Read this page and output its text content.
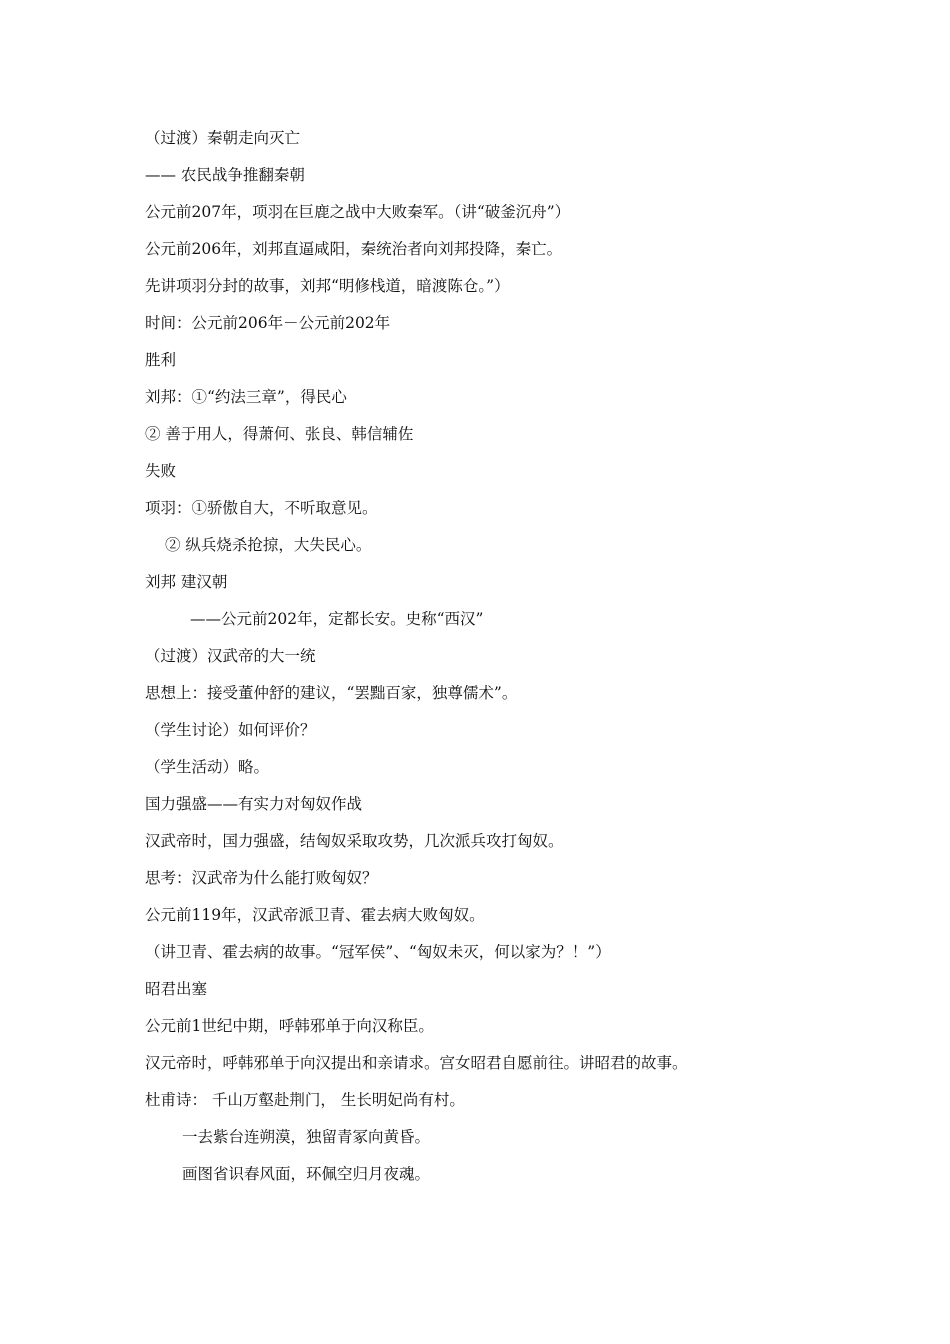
（过渡）秦朝走向灭亡
—— 农民战争推翻秦朝
公元前207年，项羽在巨鹿之战中大败秦军。（讲“破釜沉舟”）
公元前206年，刘邦直逼咸阳，秦统治者向刘邦投降，秦亡。
先讲项羽分封的故事，刘邦“明修栈道，暗渡陈仓。”）
时间：公元前206年－公元前202年
胜利
刘邦：①“约法三章”，得民心
② 善于用人，得萧何、张良、韩信辅佐
失败
项羽：①骄傲自大，不听取意见。
② 纵兵烧杀抢掠，大失民心。
刘邦 建汉朝
——公元前202年，定都长安。史称“西汉”
（过渡）汉武帝的大一统
思想上：接受董仲舒的建议，“罢黜百家，独尊儒术”。
（学生讨论）如何评价？
（学生活动）略。
国力强盛——有实力对匈奴作战
汉武帝时，国力强盛，结匈奴采取攻势，几次派兵攻打匈奴。
思考：汉武帝为什么能打败匈奴？
公元前119年，汉武帝派卫青、霍去病大败匈奴。
（讲卫青、霍去病的故事。“冠军侯”、“匈奴未灭，何以家为？！”）
昭君出塞
公元前1世纪中期，呼韩邪单于向汉称臣。
汉元帝时，呼韩邪单于向汉提出和亲请求。宫女昭君自愿前往。讲昭君的故事。
杜甫诗： 千山万壑赴荆门， 生长明妃尚有村。
一去紫台连朔漠，独留青冢向黄昏。
画图省识春风面，环佩空归月夜魂。
